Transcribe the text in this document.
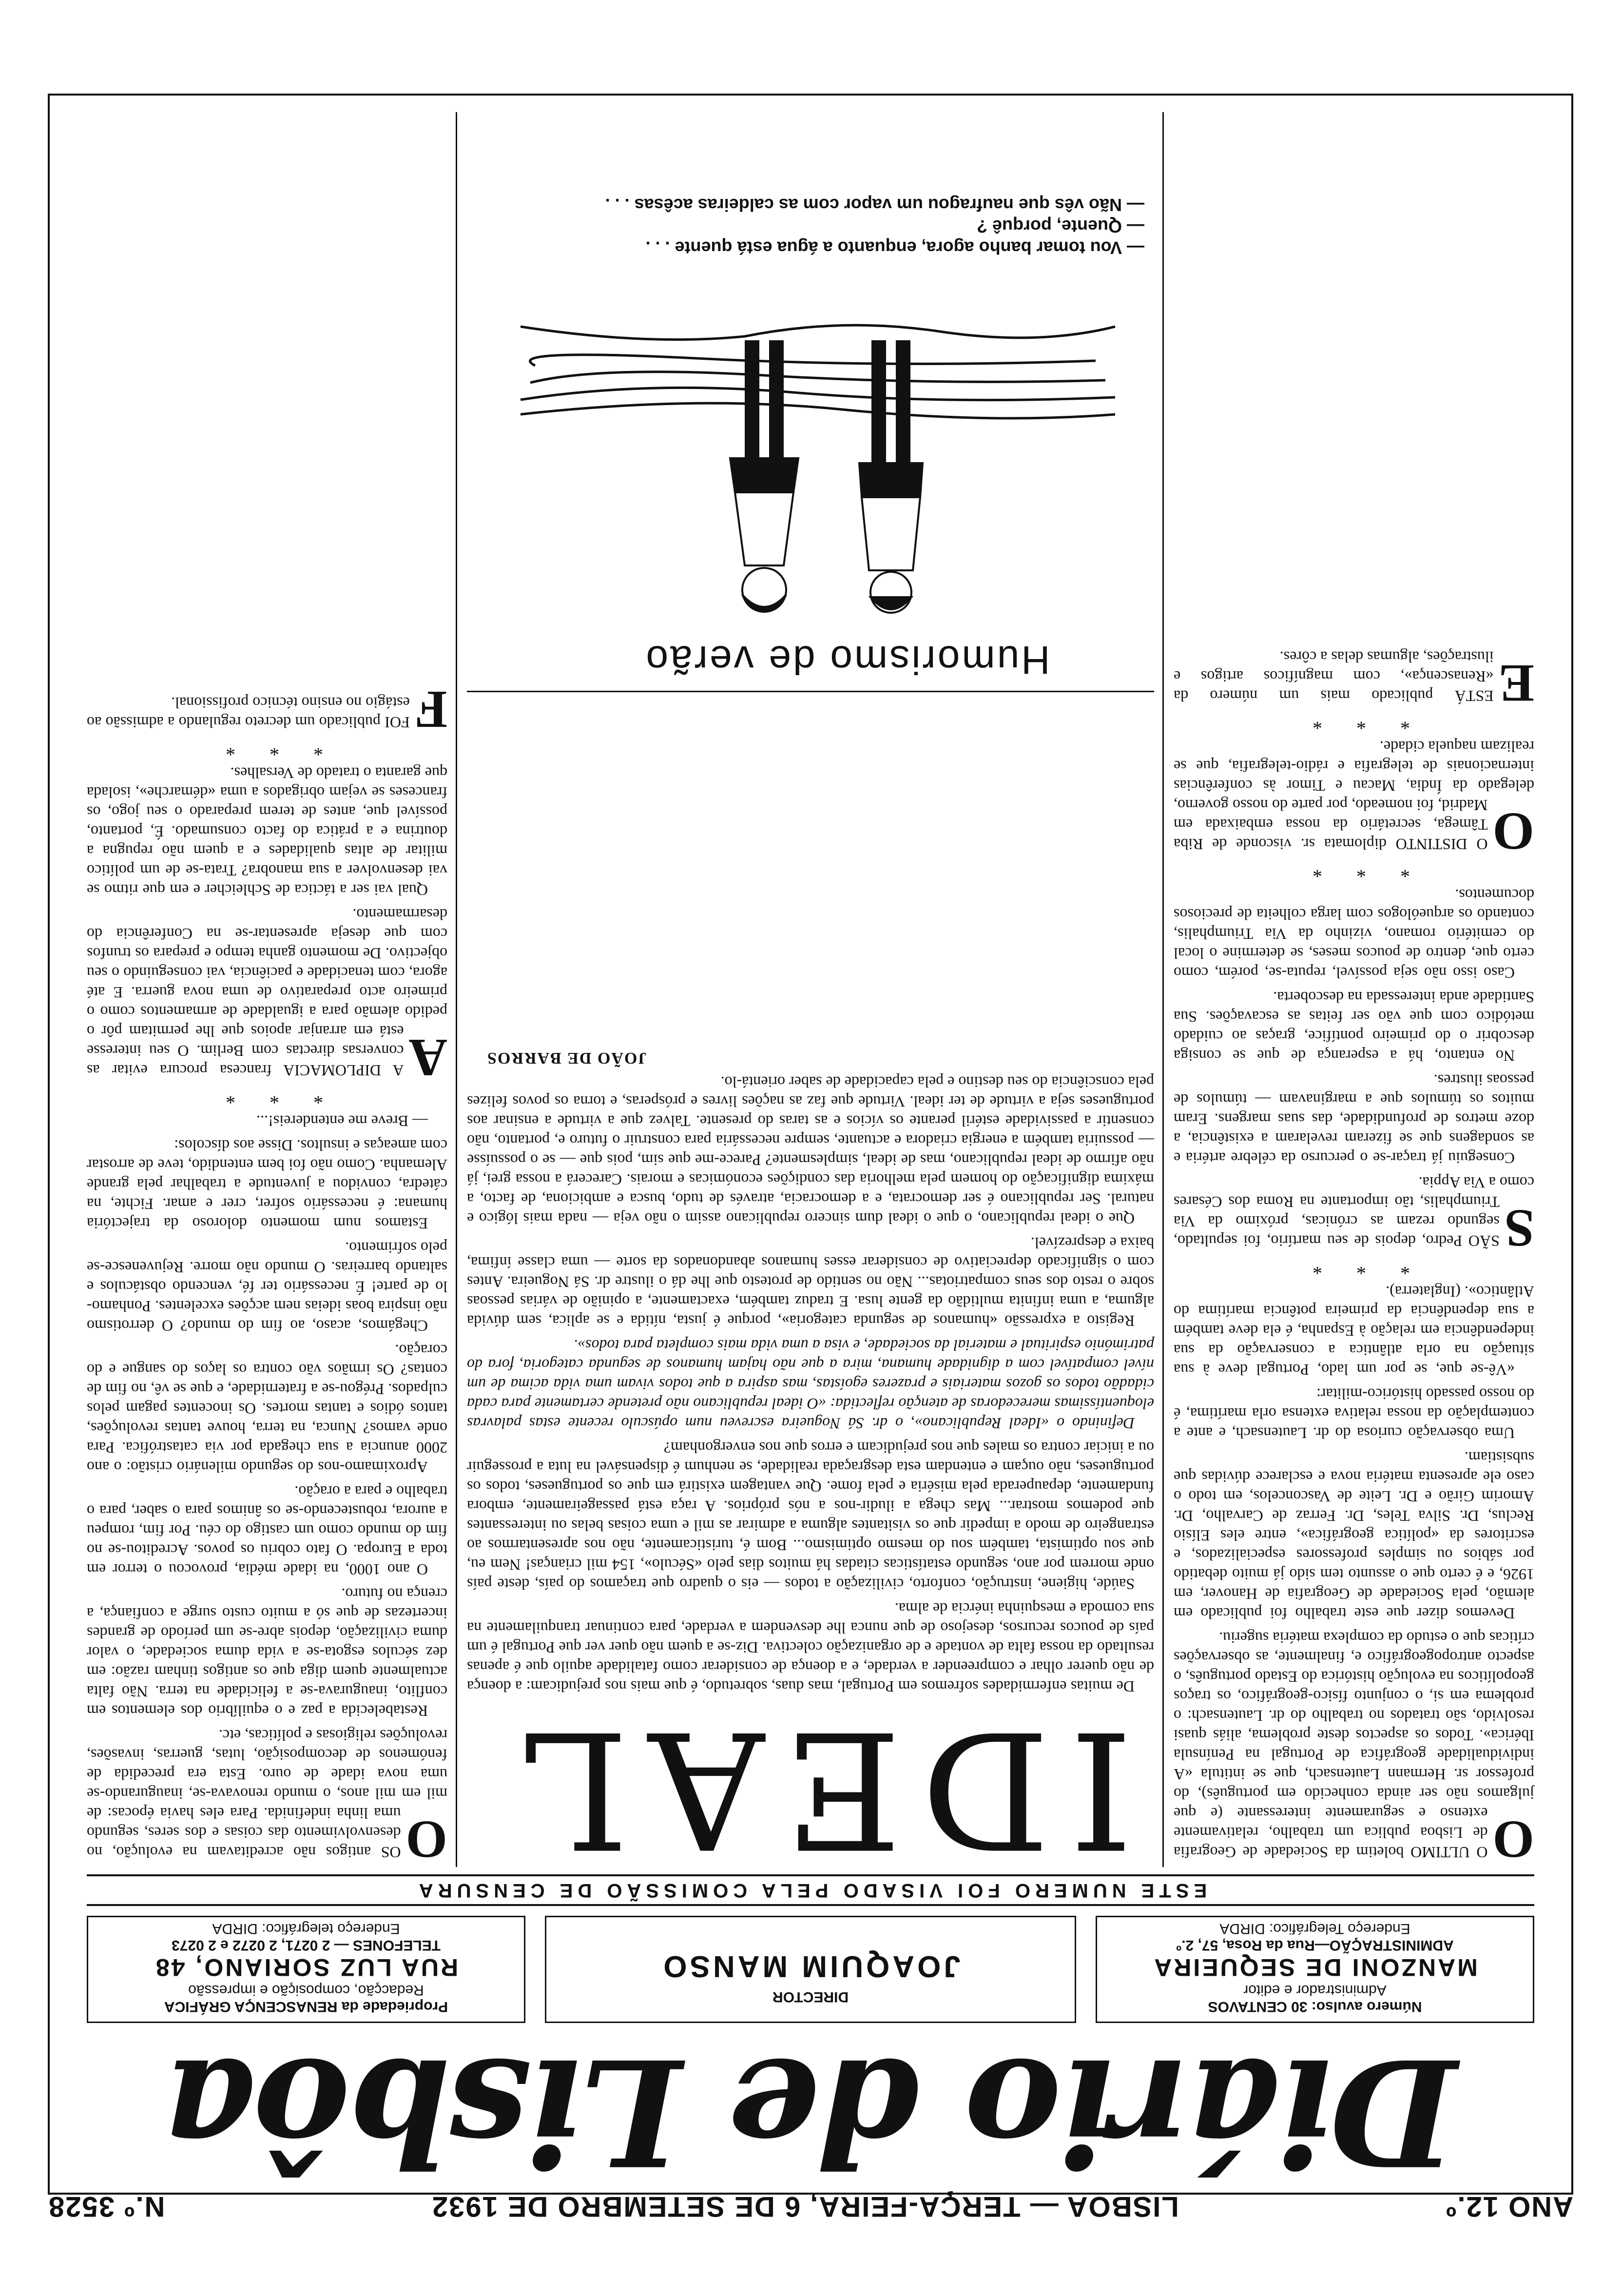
ANO 12.º
LISBOA — TERÇA-FEIRA, 6 DE SETEMBRO DE 1932
N.º 3528
Diário de Lisbôa
Número avulso: 30 CENTAVOS
Administrador e editor
MANZONI DE SEQUEIRA
ADMINISTRAÇÃO—Rua da Rosa, 57, 2.º
Endereço Telegráfico: DIRDA
DIRECTOR
JOAQUIM MANSO
Propriedade da RENASCENÇA GRÁFICA
Redacção, composição e impressão
RUA LUZ SORIANO, 48
TELEFONES — 2 0271, 2 0272 e 2 0273
Endereço telegráfico: DIRDA
ESTE NUMERO FOI VISADO PELA COMISSÃO DE CENSURA

O
O ULTIMO boletim da Sociedade de Geografia de Lisboa publica um trabalho, relativamente extenso e seguramente interessante (e que julgamos não ser ainda conhecido em português), do professor sr. Hermann Lautensach, que se intitula «A individualidade geográfica de Portugal na Península Ibérica». Todos os aspectos deste problema, aliás quasi resolvido, são tratados no trabalho do dr. Lautensach: o problema em si, o conjunto físico-geográfico, os traços geopolíticos na evolução histórica do Estado português, o aspecto antropogeográfico e, finalmente, as observações críticas que o estudo da complexa matéria sugeriu.

Devemos dizer que este trabalho foi publicado em alemão, pela Sociedade de Geografia de Hanover, em 1926, e é certo que o assunto tem sido já muito debatido por sábios ou simples professores especializados, e escritores da «política geográfica», entre eles Elísio Reclus, Dr. Silva Teles, Dr. Ferraz de Carvalho, Dr. Amorim Girão e Dr. Leite de Vasconcelos, em todo o caso ele apresenta matéria nova e esclarece dúvidas que subsistiam.

Uma observação curiosa do dr. Lautensach, e ante a contemplação da nossa relativa extensa orla marítima, é do nosso passado histórico-militar:

«Vê-se que, se por um lado, Portugal deve à sua situação na orla atlântica a conservação da sua independência em relação à Espanha, é ela deve também a sua dependência da primeira potência marítima do Atlântico». (Inglaterra).

* * *

S
SÃO Pedro, depois de seu martírio, foi sepultado, segundo rezam as crónicas, próximo da Via Triumphalis, tão importante na Roma dos Césares como a Via Appia.

Conseguiu já traçar-se o percurso da célebre artéria e as sondagens que se fizeram revelaram a existência, a doze metros de profundidade, das suas margens. Eram muitos os túmulos que a marginavam — túmulos de pessoas ilustres.

No entanto, há a esperança de que se consiga descobrir o do primeiro pontífice, graças ao cuidado metódico com que vão ser feitas as escavações. Sua Santidade anda interessada na descoberta.

Caso isso não seja possível, reputa-se, porém, como certo que, dentro de poucos meses, se determine o local do cemitério romano, vizinho da Via Triumphalis, contando os arqueólogos com larga colheita de preciosos documentos.

* * *

O
O DISTINTO diplomata sr. visconde de Riba Tâmega, secretário da nossa embaixada em Madrid, foi nomeado, por parte do nosso governo, delegado da Índia, Macau e Timor às conferências internacionais de telegrafia e rádio-telegrafia, que se realizam naquela cidade.

* * *

E
ESTÁ publicado mais um número da «Renascença», com magníficos artigos e ilustrações, algumas delas a côres.

IDEAL

De muitas enfermidades sofremos em Portugal, mas duas, sobretudo, é que mais nos prejudicam: a doença de não querer olhar e compreender a verdade, e a doença de considerar como fatalidade aquilo que é apenas resultado da nossa falta de vontade e de organização colectiva. Diz-se a quem não quer ver que Portugal é um país de poucos recursos, desejoso de que nunca lhe desvendem a verdade, para continuar tranquilamente na sua comoda e mesquinha inércia de alma.

Saúde, higiene, instrução, conforto, civilização a todos — eis o quadro que traçamos do país, deste país onde morrem por ano, segundo estatísticas citadas há muitos dias pelo «Século», 154 mil crianças! Nem eu, que sou optimista, também sou do mesmo optimismo... Bom é, turisticamente, não nos apresentarmos ao estrangeiro de modo a impedir que os visitantes alguma a admirar as mil e uma coisas belas ou interessantes que podemos mostrar... Mas chega a iludir-nos a nós próprios. A raça está passageiramente, embora fundamente, depauperada pela miséria e pela fome. Que vantagem existirá em que os portugueses, todos os portugueses, não ouçam e entendam esta desgraçada realidade, se nenhum é dispensável na luta a prosseguir ou a iniciar contra os males que nos prejudicam e erros que nos envergonham?

Definindo o «Ideal Republicano», o dr. Sá Nogueira escreveu num opúsculo recente estas palavras eloquentíssimas merecedoras de atenção reflectida: «O ideal republicano não pretende certamente para cada cidadão todos os gozos materiais e prazeres egoístas, mas aspira a que todos vivam uma vida acima de um nível compatível com a dignidade humana, mira a que não hajam humanos de segunda categoria, fora do património espiritual e material da sociedade, e visa a uma vida mais completa para todos».

Registo a expressão «humanos de segunda categoria», porque é justa, nítida e se aplica, sem dúvida alguma, a uma infinita multidão da gente lusa. E traduz também, exactamente, a opinião de várias pessoas sobre o resto dos seus compatriotas... Não no sentido de protesto que lhe dá o ilustre dr. Sá Nogueira. Antes com o significado depreciativo de considerar esses humanos abandonados da sorte — uma classe ínfima, baixa e desprezível.

Que o ideal republicano, o que o ideal dum sincero republicano assim o não veja — nada mais lógico e natural. Ser republicano é ser democrata, e a democracia, através de tudo, busca e ambiciona, de facto, a máxima dignificação do homem pela melhoria das condições económicas e morais. Carecerá a nossa grei, já não afirmo de ideal republicano, mas de ideal, simplesmente? Parece-me que sim, pois que — se o possuísse — possuiria também a energia criadora e actuante, sempre necessária para construir o futuro e, portanto, não consentir a passividade estéril perante os vícios e as taras do presente. Talvez que a virtude a ensinar aos portugueses seja a virtude de ter ideal. Virtude que faz as nações livres e prósperas, e torna os povos felizes pela consciência do seu destino e pela capacidade de saber orientá-lo.

JOÃO DE BARROS
Humorismo de verão
— Vou tomar banho agora, enquanto a água está quente . . .
— Quente, porquê ?
— Não vês que naufragou um vapor com as caldeiras acêsas . . .

O
OS antigos não acreditavam na evolução, no desenvolvimento das coisas e dos seres, segundo uma linha indefinida. Para eles havia épocas: de mil em mil anos, o mundo renovava-se, inaugurando-se uma nova idade de ouro. Esta era precedida de fenómenos de decomposição, lutas, guerras, invasões, revoluções religiosas e políticas, etc.

Restabelecida a paz e o equilíbrio dos elementos em conflito, inaugurava-se a felicidade na terra. Não falta actualmente quem diga que os antigos tinham razão: em dez séculos esgota-se a vida duma sociedade, o valor duma civilização, depois abre-se um período de grandes incertezas de que só a muito custo surge a confiança, a crença no futuro.

O ano 1000, na idade média, provocou o terror em toda a Europa. O fato cobriu os povos. Acreditou-se no fim do mundo como um castigo do céu. Por fim, rompeu a aurora, robustecendo-se os ânimos para o saber, para o trabalho e para a oração.

Aproximamo-nos do segundo milenário cristão: o ano 2000 anuncia a sua chegada por via catastrófica. Para onde vamos? Nunca, na terra, houve tantas revoluções, tantos ódios e tantas mortes. Os inocentes pagam pelos culpados. Prégou-se a fraternidade, e que se vê, no fim de contas? Os irmãos vão contra os laços do sangue e do coração.

Chegámos, acaso, ao fim do mundo? O derrotismo não inspira boas ideias nem acções excelentes. Ponhamo-lo de parte! É necessário ter fé, vencendo obstáculos e saltando barreiras. O mundo não morre. Rejuvenesce-se pelo sofrimento.

Estamos num momento doloroso da trajectória humana: é necessário sofrer, crer e amar. Fichte, na cátedra, convidou a juventude a trabalhar pela grande Alemanha. Como não foi bem entendido, teve de arrostar com ameaças e insultos. Disse aos díscolos:

— Breve me entendereis!...

* * *

A
A DIPLOMACIA francesa procura evitar as conversas directas com Berlim. O seu interesse está em arranjar apoios que lhe permitam pôr o pedido alemão para a igualdade de armamentos como o primeiro acto preparativo de uma nova guerra. E até agora, com tenacidade e paciência, vai conseguindo o seu objectivo. De momento ganha tempo e prepara os trunfos com que deseja apresentar-se na Conferência do desarmamento.

Qual vai ser a táctica de Schleicher e em que ritmo se vai desenvolver a sua manobra? Trata-se de um político militar de altas qualidades e a quem não repugna a doutrina e a prática do facto consumado. É, portanto, possível que, antes de terem preparado o seu jogo, os franceses se vejam obrigados a uma «démarche», isolada que garanta o tratado de Versalhes.

* * *

F
FOI publicado um decreto regulando a admissão ao estágio no ensino técnico profissional.
